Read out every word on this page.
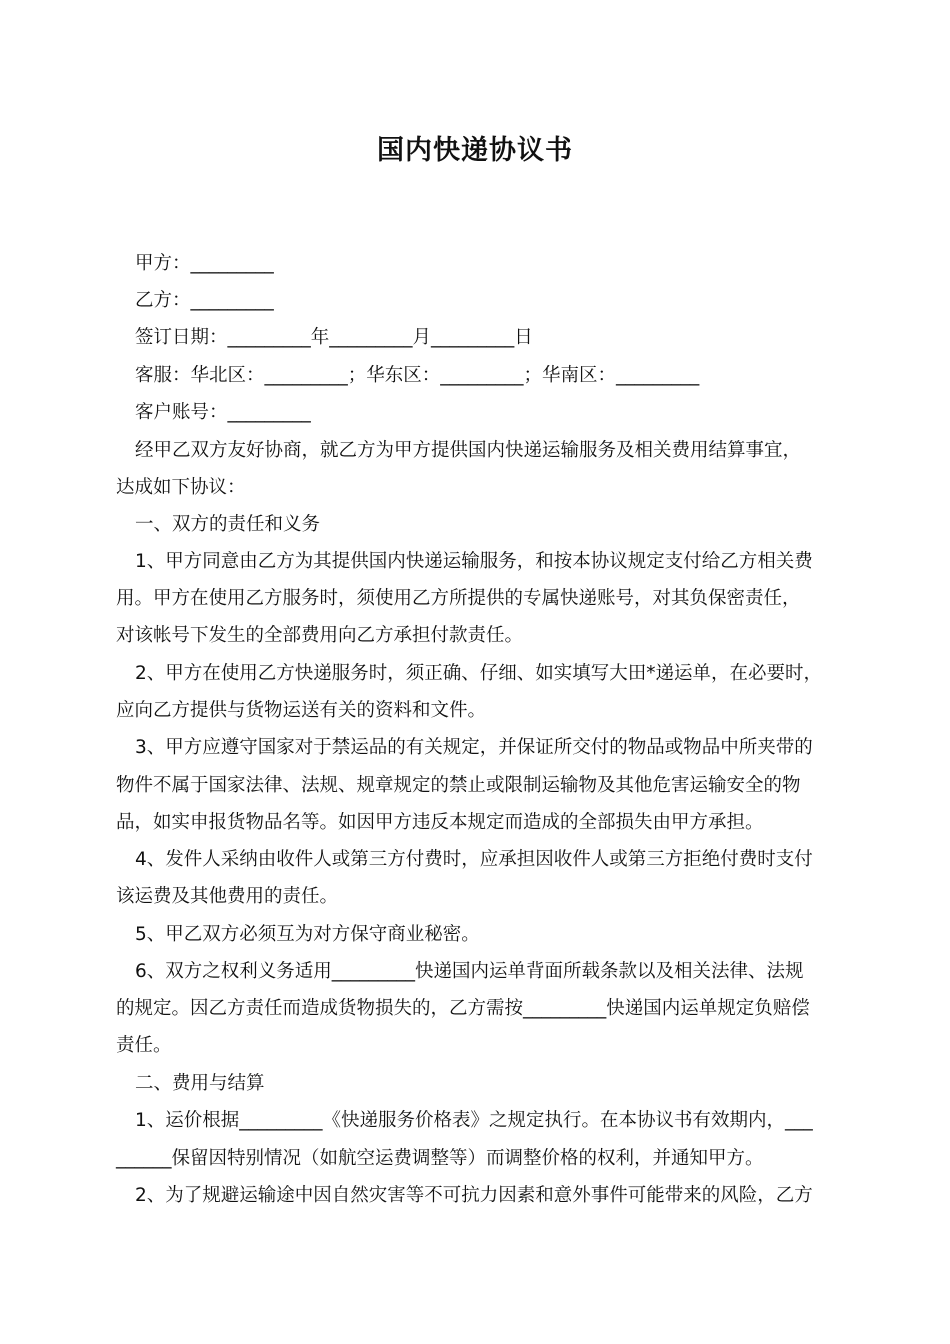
国内快递协议书
甲方：_________
乙方：_________
签订日期：_________年_________月_________日
客服：华北区：_________；华东区：_________；华南区：_________
客户账号：_________
经甲乙双方友好协商，就乙方为甲方提供国内快递运输服务及相关费用结算事宜，
达成如下协议：
一、双方的责任和义务
1、甲方同意由乙方为其提供国内快递运输服务，和按本协议规定支付给乙方相关费
用。甲方在使用乙方服务时，须使用乙方所提供的专属快递账号，对其负保密责任，
对该帐号下发生的全部费用向乙方承担付款责任。
2、甲方在使用乙方快递服务时，须正确、仔细、如实填写大田*递运单，在必要时，
应向乙方提供与货物运送有关的资料和文件。
3、甲方应遵守国家对于禁运品的有关规定，并保证所交付的物品或物品中所夹带的
物件不属于国家法律、法规、规章规定的禁止或限制运输物及其他危害运输安全的物
品，如实申报货物品名等。如因甲方违反本规定而造成的全部损失由甲方承担。
4、发件人采纳由收件人或第三方付费时，应承担因收件人或第三方拒绝付费时支付
该运费及其他费用的责任。
5、甲乙双方必须互为对方保守商业秘密。
6、双方之权利义务适用_________快递国内运单背面所载条款以及相关法律、法规
的规定。因乙方责任而造成货物损失的，乙方需按_________快递国内运单规定负赔偿
责任。
二、费用与结算
1、运价根据_________《快递服务价格表》之规定执行。在本协议书有效期内，___
______保留因特别情况（如航空运费调整等）而调整价格的权利，并通知甲方。
2、为了规避运输途中因自然灾害等不可抗力因素和意外事件可能带来的风险，乙方
